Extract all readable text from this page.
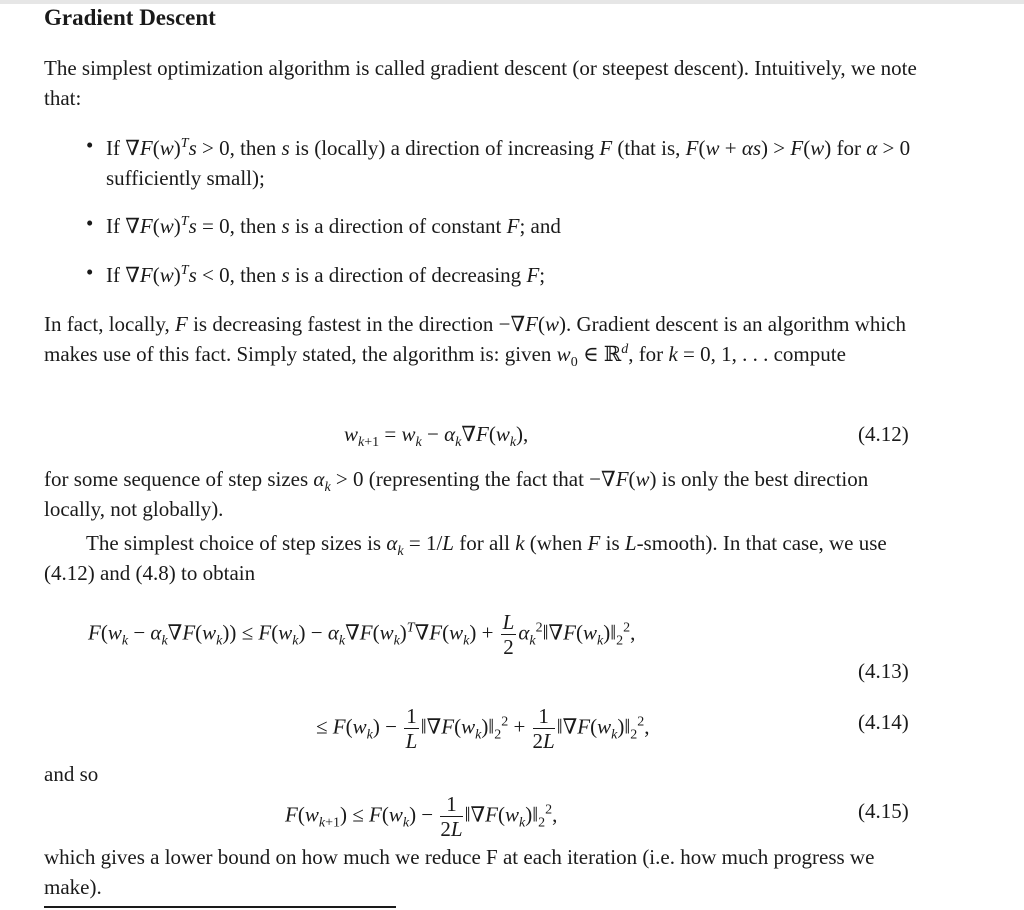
Gradient Descent
The simplest optimization algorithm is called gradient descent (or steepest descent). Intuitively, we note that:
• If $\nabla F(w)^Ts > 0$, then s is (locally) a direction of increasing F (that is, F(w + αs) > F(w) for α > 0 sufficiently small);
• If $\nabla F(w)^Ts = 0$, then s is a direction of constant F; and
• If $\nabla F(w)^Ts < 0$, then s is a direction of decreasing F;
In fact, locally, F is decreasing fastest in the direction −∇F(w). Gradient descent is an algorithm which makes use of this fact. Simply stated, the algorithm is: given $w_0$ ∈ ℝ$^d$, for k = 0, 1, . . . compute
$w_{k+1} = w_k - \alpha_k\nabla F(w_k)$,	(4.12)
for some sequence of step sizes $\alpha_k > 0$ (representing the fact that −∇F(w) is only the best direction locally, not globally).
The simplest choice of step sizes is $\alpha_k = 1/L$ for all k (when F is L-smooth). In that case, we use (4.12) and (4.8) to obtain
$F(w_k - \alpha_k\nabla F(w_k)) \le F(w_k) - \alpha_k\nabla F(w_k)^T\nabla F(w_k) + \frac{L}{2}$ $\alpha_k^2‖\nabla F(w_k)‖_2^2$,
(4.13)
≤ $F(w_k) - \frac{1}{L}$ $‖\nabla F(w_k)‖_2^2 + \frac{1}{2L}$ $‖\nabla F(w_k)‖_2^2$,	(4.14)
and so
$F(w_{k+1}) \le F(w_k) - \frac{1}{2L}$ $‖\nabla F(w_k)‖_2^2$,	(4.15)
which gives a lower bound on how much we reduce F at each iteration (i.e. how much progress we make).
